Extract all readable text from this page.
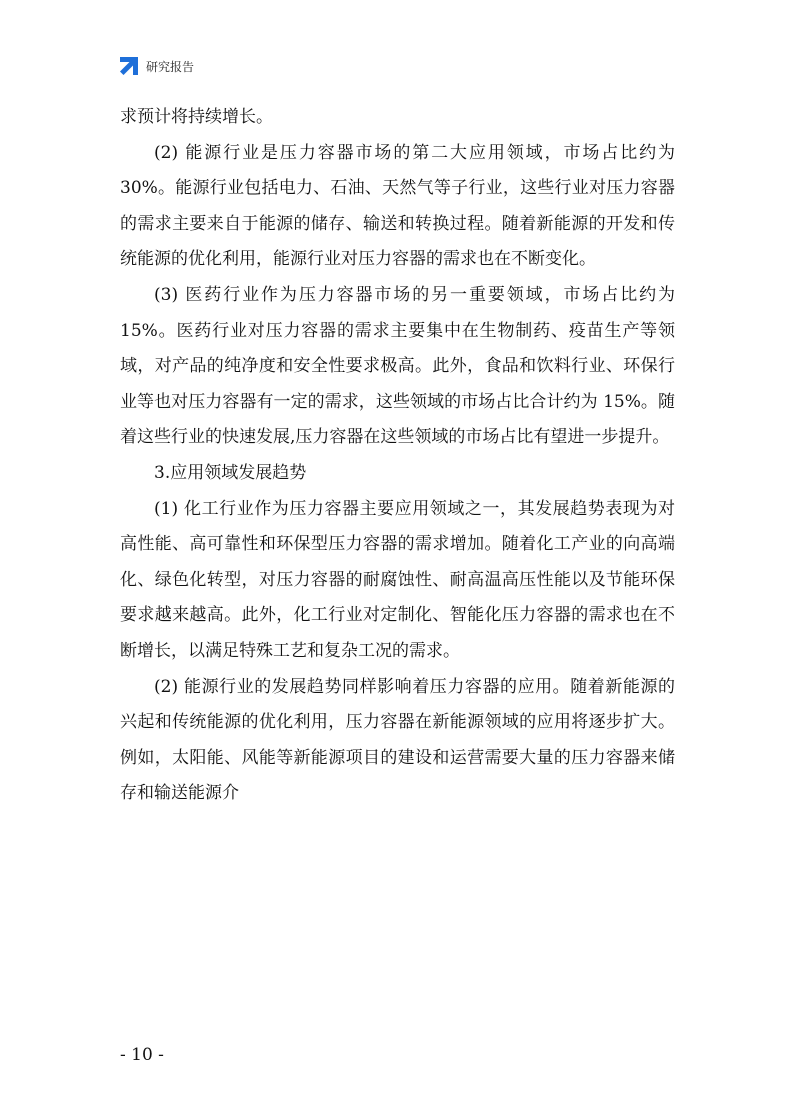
研究报告

求预计将持续增长。

(2) 能源行业是压力容器市场的第二大应用领域，市场占比约为 30%。能源行业包括电力、石油、天然气等子行业，这些行业对压力容器的需求主要来自于能源的储存、输送和转换过程。随着新能源的开发和传统能源的优化利用，能源行业对压力容器的需求也在不断变化。

(3) 医药行业作为压力容器市场的另一重要领域，市场占比约为 15%。医药行业对压力容器的需求主要集中在生物制药、疫苗生产等领域，对产品的纯净度和安全性要求极高。此外，食品和饮料行业、环保行业等也对压力容器有一定的需求，这些领域的市场占比合计约为 15%。随着这些行业的快速发展,压力容器在这些领域的市场占比有望进一步提升。

3.应用领域发展趋势

(1) 化工行业作为压力容器主要应用领域之一，其发展趋势表现为对高性能、高可靠性和环保型压力容器的需求增加。随着化工产业的向高端化、绿色化转型，对压力容器的耐腐蚀性、耐高温高压性能以及节能环保要求越来越高。此外，化工行业对定制化、智能化压力容器的需求也在不断增长，以满足特殊工艺和复杂工况的需求。

(2) 能源行业的发展趋势同样影响着压力容器的应用。随着新能源的兴起和传统能源的优化利用，压力容器在新能源领域的应用将逐步扩大。例如，太阳能、风能等新能源项目的建设和运营需要大量的压力容器来储存和输送能源介

- 10 -
